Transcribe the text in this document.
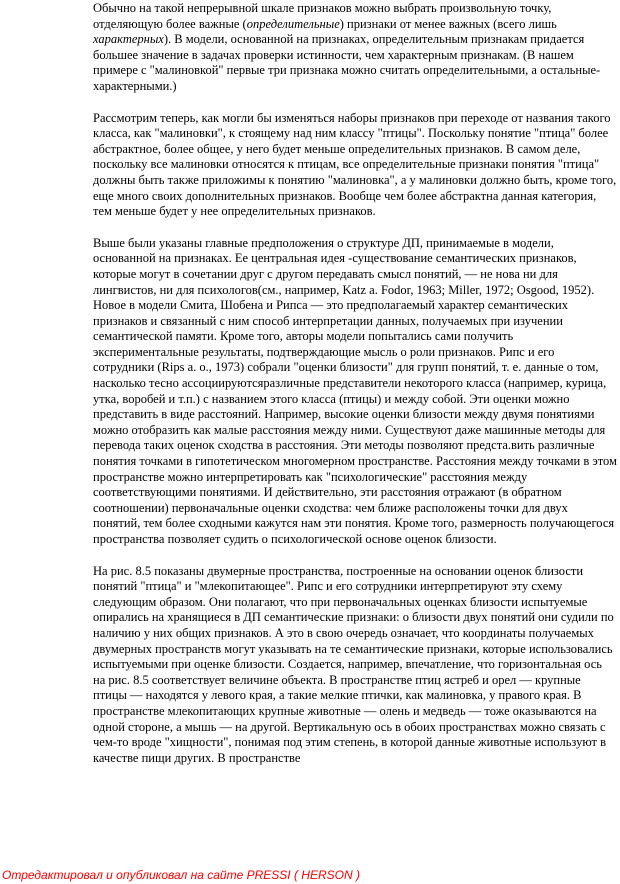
Обычно на такой непрерывной шкале признаков можно выбрать произвольную точку, отделяющую более важные (определительные) признаки от менее важных (всего лишь характерных). В модели, основанной на признаках, определительным признакам придается большее значение в задачах проверки истинности, чем характерным признакам. (В нашем примере с "малиновкой" первые три признака можно считать определительными, а остальные-характерными.)

Рассмотрим теперь, как могли бы изменяться наборы признаков при переходе от названия такого класса, как "малиновки", к стоящему над ним классу "птицы". Поскольку понятие "птица" более абстрактное, более общее, у него будет меньше определительных признаков. В самом деле, поскольку все малиновки относятся к птицам, все определительные признаки понятия "птица" должны быть также приложимы к понятию "малиновка", а у малиновки должно быть, кроме того, еще много своих дополнительных признаков. Вообще чем более абстрактна данная категория, тем меньше будет у нее определительных признаков.

Выше были указаны главные предположения о структуре ДП, принимаемые в модели, основанной на признаках. Ее центральная идея -существование семантических признаков, которые могут в сочетании друг с другом передавать смысл понятий, — не нова ни для лингвистов, ни для психологов(см., например, Katz a. Fodor, 1963; Miller, 1972; Osgood, 1952). Новое в модели Смита, Шобена и Рипса — это предполагаемый характер семантических признаков и связанный с ним способ интерпретации данных, получаемых при изучении семантической памяти. Кроме того, авторы модели попытались сами получить экспериментальные результаты, подтверждающие мысль о роли признаков. Рипс и его сотрудники (Rips a. o., 1973) собрали "оценки близости" для групп понятий, т. е. данные о том, насколько тесно ассоциируютсяразличные представители некоторого класса (например, курица, утка, воробей и т.п.) с названием этого класса (птицы) и между собой. Эти оценки можно представить в виде расстояний. Например, высокие оценки близости между двумя понятиями можно отобразить как малые расстояния между ними. Существуют даже машинные методы для перевода таких оценок сходства в расстояния. Эти методы позволяют предста.вить различные понятия точками в гипотетическом многомерном пространстве. Расстояния между точками в этом пространстве можно интерпретировать как "психологические" расстояния между соответствующими понятиями. И действительно, эти расстояния отражают (в обратном соотношении) первоначальные оценки сходства: чем ближе расположены точки для двух понятий, тем более сходными кажутся нам эти понятия. Кроме того, размерность получающегося пространства позволяет судить о психологической основе оценок близости.

На рис. 8.5 показаны двумерные пространства, построенные на основании оценок близости понятий "птица" и "млекопитающее". Рипс и его сотрудники интерпретируют эту схему следующим образом. Они полагают, что при первоначальных оценках близости испытуемые опирались на хранящиеся в ДП семантические признаки: о близости двух понятий они судили по наличию у них общих признаков. А это в свою очередь означает, что координаты получаемых двумерных пространств могут указывать на те семантические признаки, которые использовались испытуемыми при оценке близости. Создается, например, впечатление, что горизонтальная ось на рис. 8.5 соответствует величине объекта. В пространстве птиц ястреб и орел — крупные птицы — находятся у левого края, а такие мелкие птички, как малиновка, у правого края. В пространстве млекопитающих крупные животные — олень и медведь — тоже оказываются на одной стороне, а мышь — на другой. Вертикальную ось в обоих пространствах можно связать с чем-то вроде "хищности", понимая под этим степень, в которой данные животные используют в качестве пищи других. В пространстве

Отредактировал и опубликовал на сайте PRESSI ( HERSON )
